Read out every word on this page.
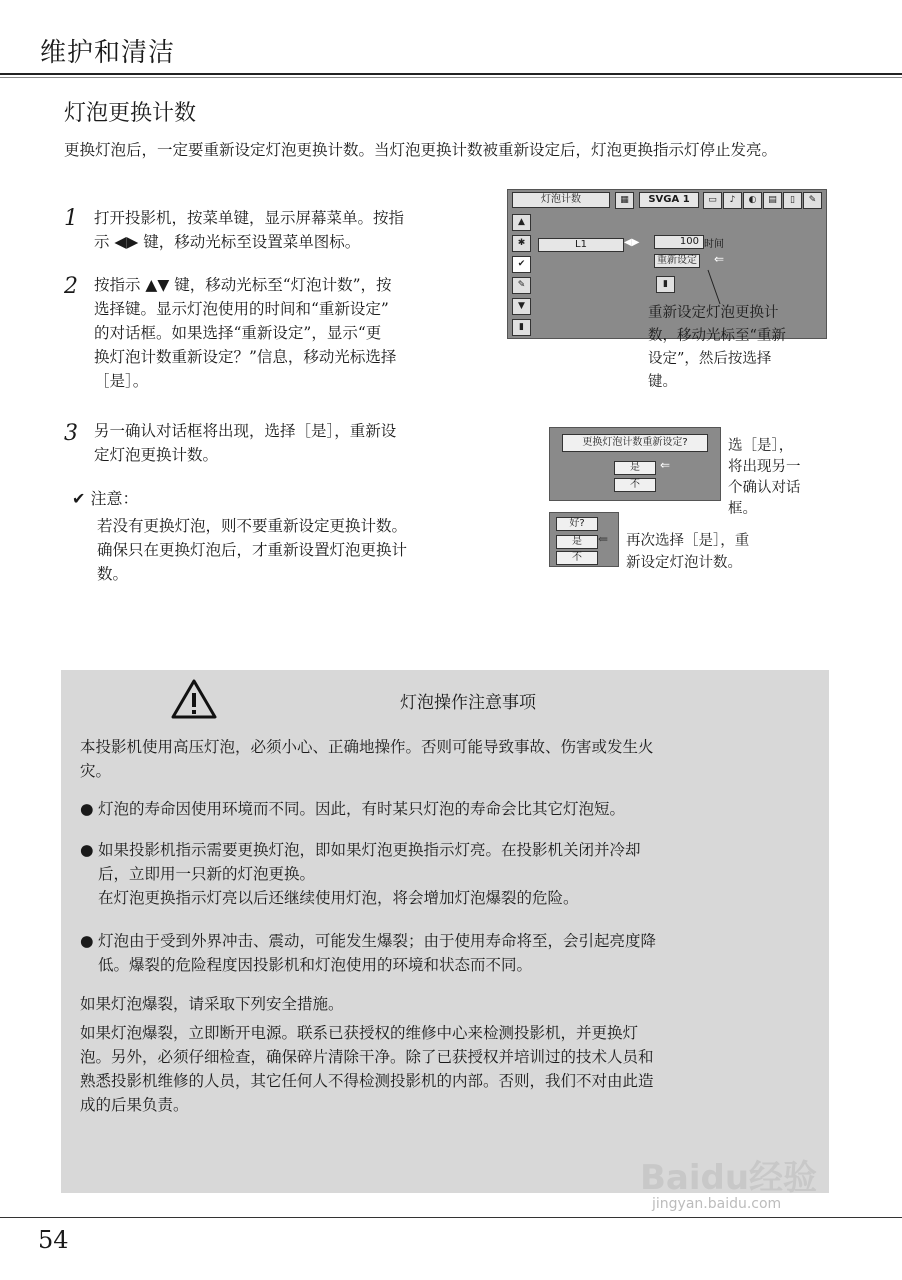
维护和清洁
灯泡更换计数
更换灯泡后，一定要重新设定灯泡更换计数。当灯泡更换计数被重新设定后，灯泡更换指示灯停止发亮。
1 打开投影机，按菜单键，显示屏幕菜单。按指
示 ◀▶ 键，移动光标至设置菜单图标。
2 按指示 ▲▼ 键，移动光标至“灯泡计数”，按
选择键。显示灯泡使用的时间和“重新设定”
的对话框。如果选择“重新设定”，显示“更
换灯泡计数重新设定？”信息，移动光标选择
［是］。
3 另一确认对话框将出现，选择［是］，重新设
定灯泡更换计数。
✔ 注意：
若没有更换灯泡，则不要重新设定更换计数。
确保只在更换灯泡后，才重新设置灯泡更换计
数。
灯泡计数	▦	SVGA 1	▭	♪	◐	▤	▯	✎
▲
✱
✔
✎
▼
▮
L1	◀▶	100 时间
重新设定 ⇐
▮
重新设定灯泡更换计
数，移动光标至“重新
设定”，然后按选择
键。
更换灯泡计数重新设定?
是	⇐
不
选［是］，
将出现另一
个确认对话
框。
好?
是
不
⇐ 再次选择［是］，重
新设定灯泡计数。
灯泡操作注意事项
本投影机使用高压灯泡，必须小心、正确地操作。否则可能导致事故、伤害或发生火
灾。
● 灯泡的寿命因使用环境而不同。因此，有时某只灯泡的寿命会比其它灯泡短。
● 如果投影机指示需要更换灯泡，即如果灯泡更换指示灯亮。在投影机关闭并冷却
后，立即用一只新的灯泡更换。
在灯泡更换指示灯亮以后还继续使用灯泡，将会增加灯泡爆裂的危险。
● 灯泡由于受到外界冲击、震动，可能发生爆裂；由于使用寿命将至，会引起亮度降
低。爆裂的危险程度因投影机和灯泡使用的环境和状态而不同。
如果灯泡爆裂，请采取下列安全措施。
如果灯泡爆裂，立即断开电源。联系已获授权的维修中心来检测投影机，并更换灯
泡。另外，必须仔细检查，确保碎片清除干净。除了已获授权并培训过的技术人员和
熟悉投影机维修的人员，其它任何人不得检测投影机的内部。否则，我们不对由此造
成的后果负责。
Baidu经验
jingyan.baidu.com
54
